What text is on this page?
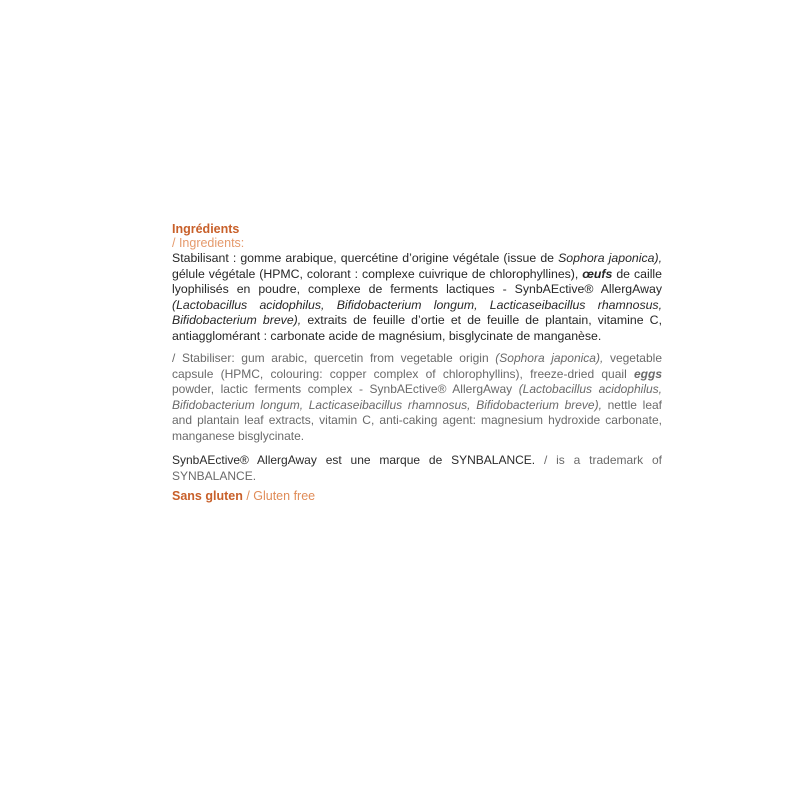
Ingrédients
/ Ingredients:

Stabilisant : gomme arabique, quercétine d’origine végétale (issue de Sophora japonica), gélule végétale (HPMC, colorant : complexe cuivrique de chlorophyllines), œufs de caille lyophilisés en poudre, complexe de ferments lactiques - SynbAEctive® AllergAway (Lactobacillus acidophilus, Bifidobacterium longum, Lacticaseibacillus rhamnosus, Bifidobacterium breve), extraits de feuille d’ortie et de feuille de plantain, vitamine C, antiagglomérant : carbonate acide de magnésium, bisglycinate de manganèse.

/ Stabiliser: gum arabic, quercetin from vegetable origin (Sophora japonica), vegetable capsule (HPMC, colouring: copper complex of chlorophyllins), freeze-dried quail eggs powder, lactic ferments complex - SynbAEctive® AllergAway (Lactobacillus acidophilus, Bifidobacterium longum, Lacticaseibacillus rhamnosus, Bifidobacterium breve), nettle leaf and plantain leaf extracts, vitamin C, anti-caking agent: magnesium hydroxide carbonate, manganese bisglycinate.

SynbAEctive® AllergAway est une marque de SYNBALANCE. / is a trademark of SYNBALANCE.

Sans gluten / Gluten free
